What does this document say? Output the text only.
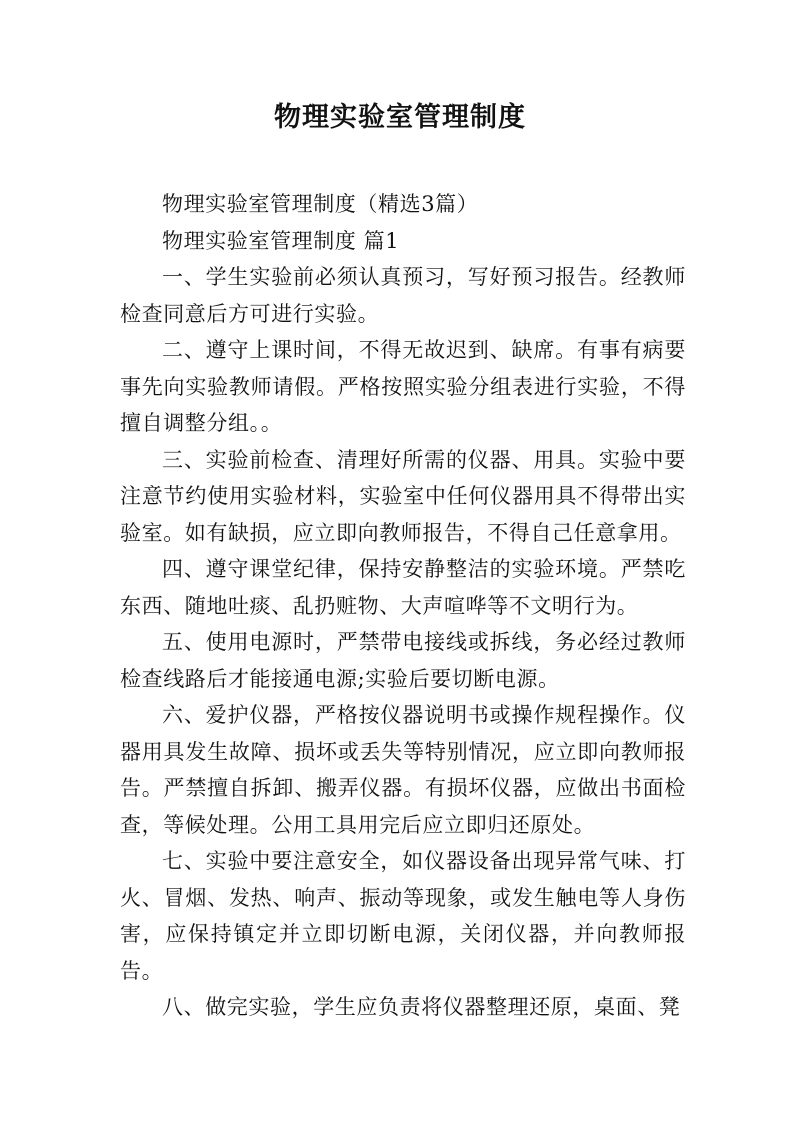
物理实验室管理制度

物理实验室管理制度（精选3篇）

物理实验室管理制度 篇1

一、学生实验前必须认真预习，写好预习报告。经教师检查同意后方可进行实验。

二、遵守上课时间，不得无故迟到、缺席。有事有病要事先向实验教师请假。严格按照实验分组表进行实验，不得擅自调整分组。。

三、实验前检查、清理好所需的仪器、用具。实验中要注意节约使用实验材料，实验室中任何仪器用具不得带出实验室。如有缺损，应立即向教师报告，不得自己任意拿用。

四、遵守课堂纪律，保持安静整洁的实验环境。严禁吃东西、随地吐痰、乱扔赃物、大声喧哗等不文明行为。

五、使用电源时，严禁带电接线或拆线，务必经过教师检查线路后才能接通电源;实验后要切断电源。

六、爱护仪器，严格按仪器说明书或操作规程操作。仪器用具发生故障、损坏或丢失等特别情况，应立即向教师报告。严禁擅自拆卸、搬弄仪器。有损坏仪器，应做出书面检查，等候处理。公用工具用完后应立即归还原处。

七、实验中要注意安全，如仪器设备出现异常气味、打火、冒烟、发热、响声、振动等现象，或发生触电等人身伤害，应保持镇定并立即切断电源，关闭仪器，并向教师报告。

八、做完实验，学生应负责将仪器整理还原，桌面、凳
